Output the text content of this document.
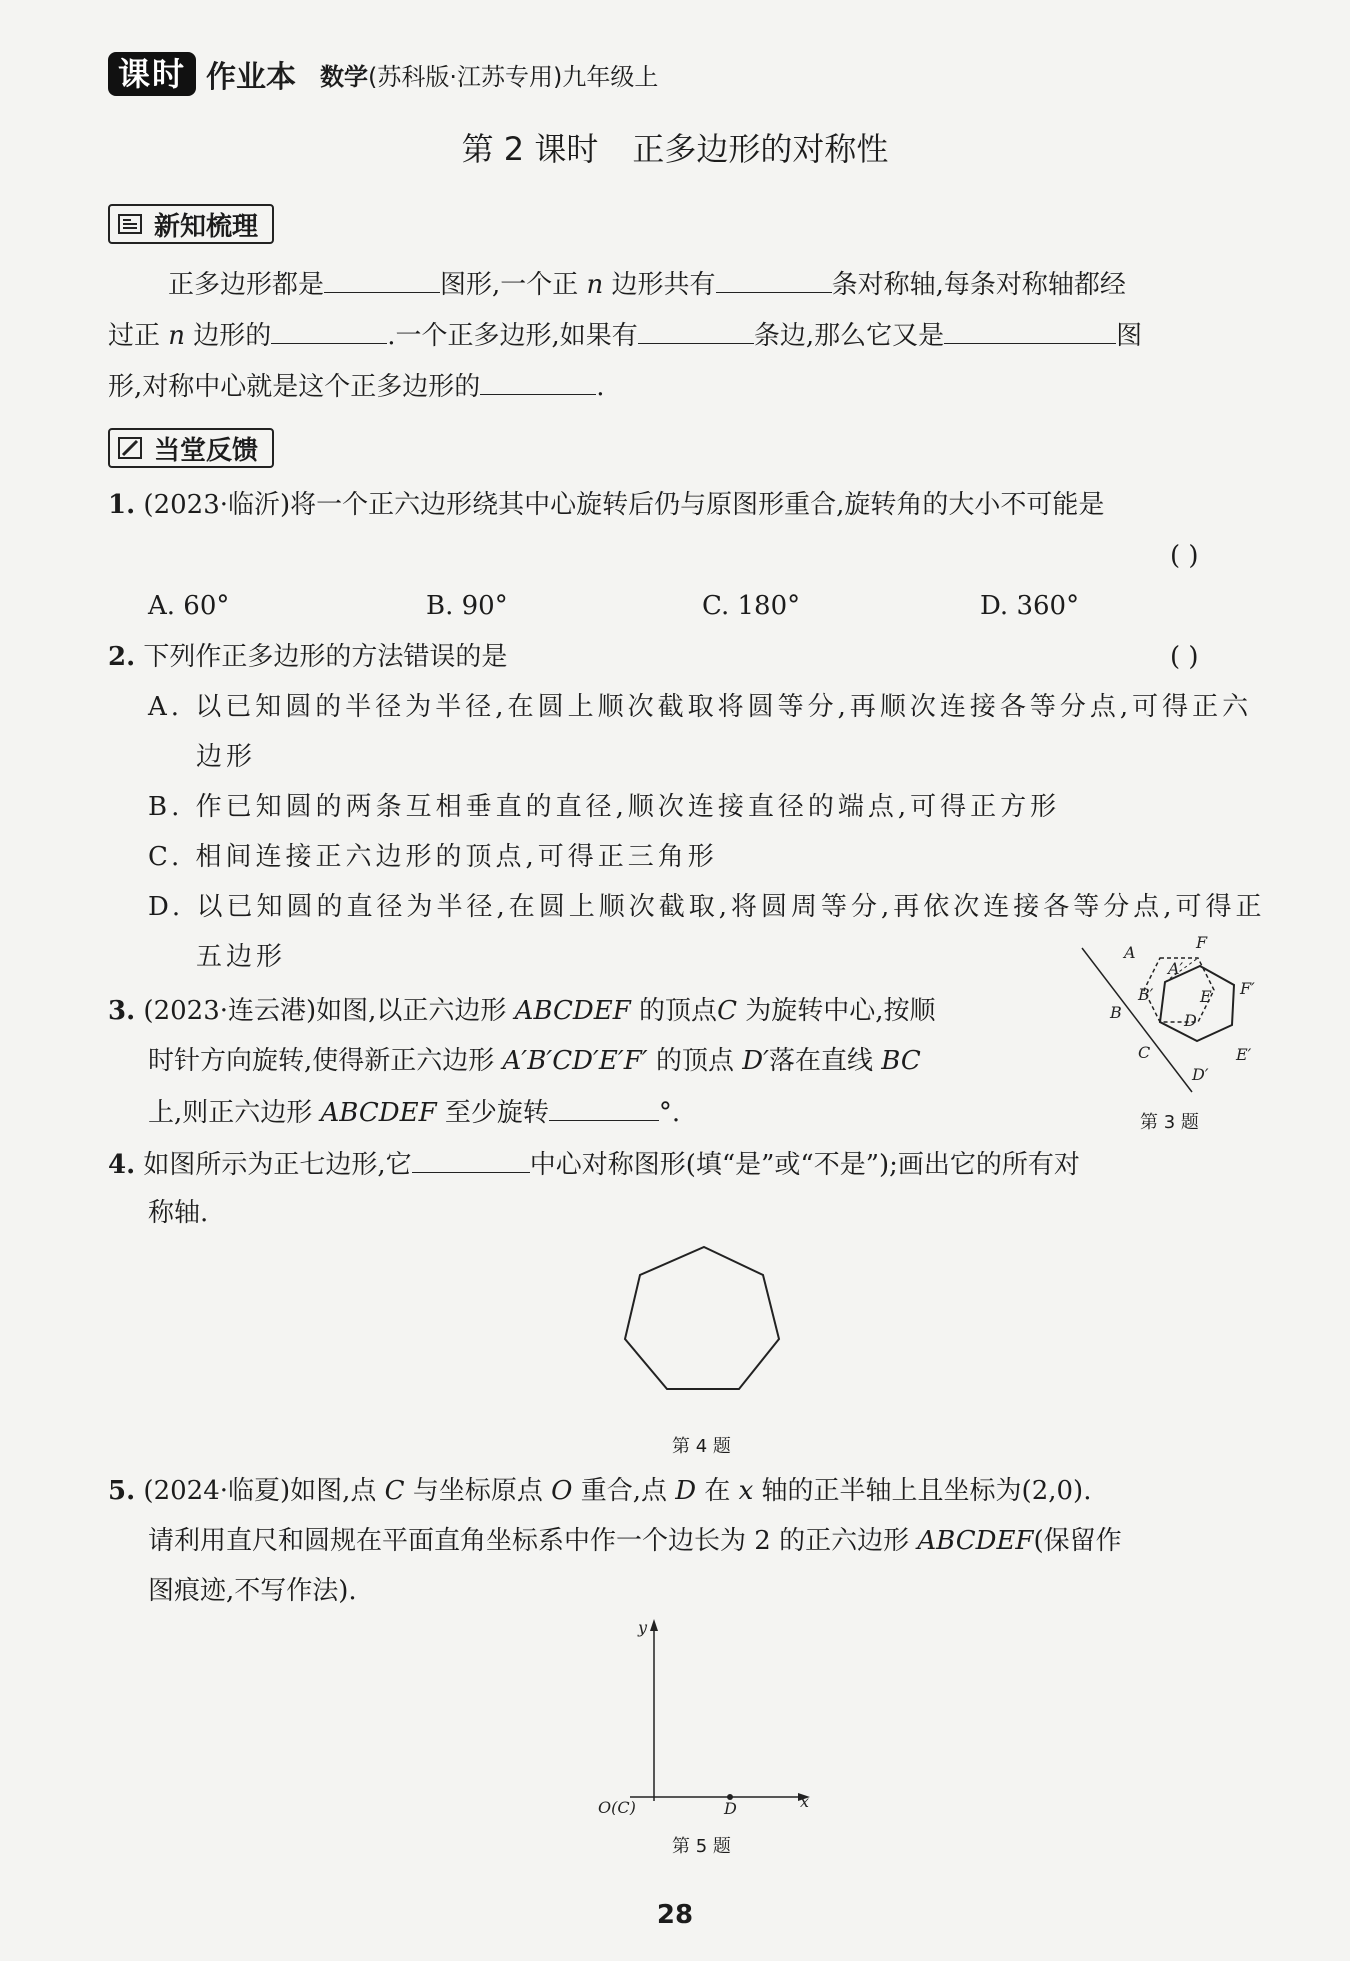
课时 作业本 数学(苏科版·江苏专用)九年级上
第 2 课时 正多边形的对称性
新知梳理
正多边形都是	图形,一个正 n 边形共有	条对称轴,每条对称轴都经
过正 n 边形的	.一个正多边形,如果有	条边,那么它又是	图
形,对称中心就是这个正多边形的	.
当堂反馈
1. (2023·临沂)将一个正六边形绕其中心旋转后仍与原图形重合,旋转角的大小不可能是
( )
A. 60°	B. 90°	C. 180°	D. 360°
2. 下列作正多边形的方法错误的是	( )
A. 以已知圆的半径为半径,在圆上顺次截取将圆等分,再顺次连接各等分点,可得正六
边形
B. 作已知圆的两条互相垂直的直径,顺次连接直径的端点,可得正方形
C. 相间连接正六边形的顶点,可得正三角形
D. 以已知圆的直径为半径,在圆上顺次截取,将圆周等分,再依次连接各等分点,可得正
五边形
3. (2023·连云港)如图,以正六边形 ABCDEF 的顶点C 为旋转中心,按顺
时针方向旋转,使得新正六边形 A′B′CD′E′F′ 的顶点 D′落在直线 BC
上,则正六边形 ABCDEF 至少旋转	°.
A
A′
F
B
B′	E F′
D
C	E′
D′
第 3 题
4. 如图所示为正七边形,它	中心对称图形(填“是”或“不是”);画出它的所有对
称轴.
第 4 题
5. (2024·临夏)如图,点 C 与坐标原点 O 重合,点 D 在 x 轴的正半轴上且坐标为(2,0).
请利用直尺和圆规在平面直角坐标系中作一个边长为 2 的正六边形 ABCDEF(保留作
图痕迹,不写作法).
y
x
O(C)	D
第 5 题
28
